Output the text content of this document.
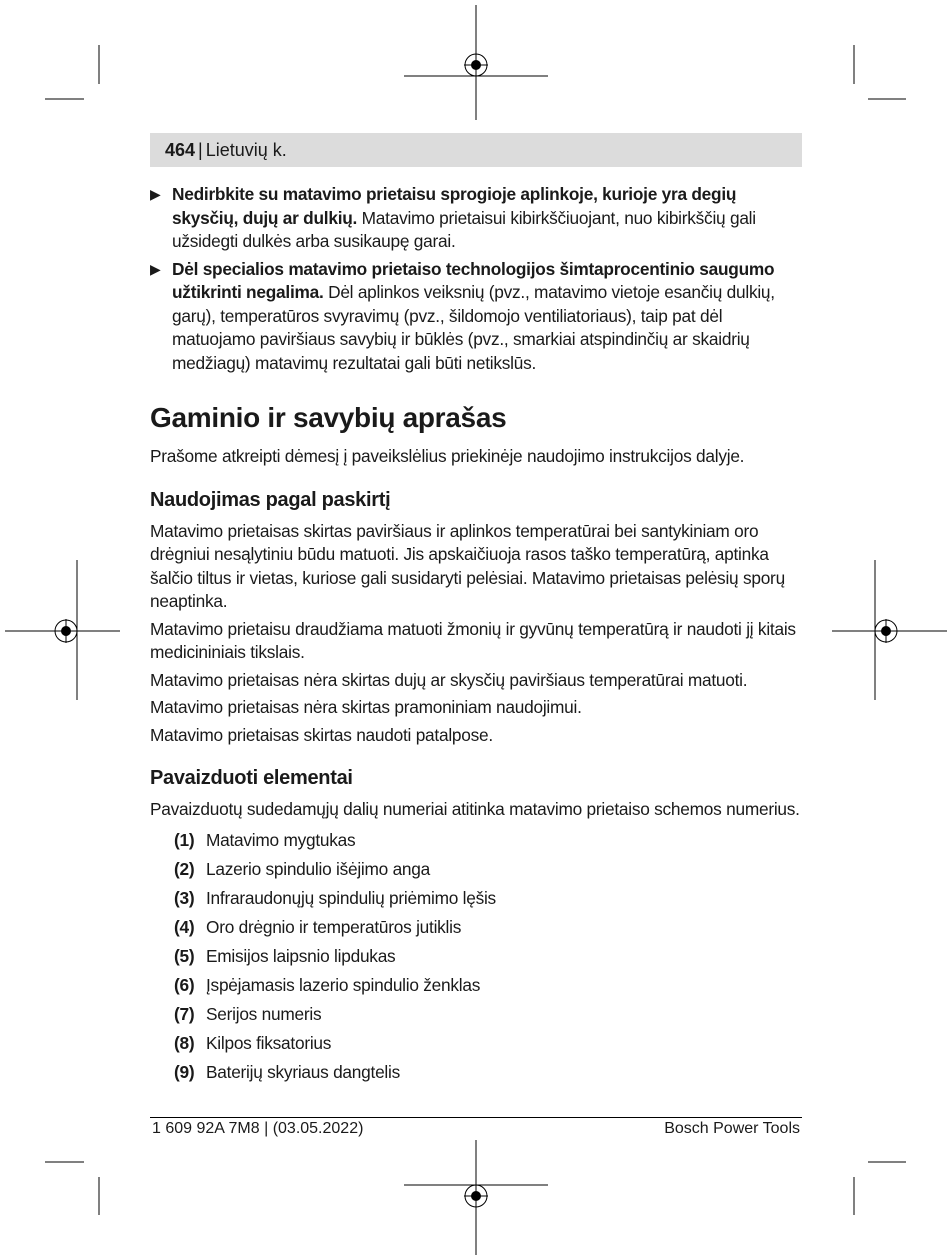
464 | Lietuvių k.
▶ Nedirbkite su matavimo prietaisu sprogioje aplinkoje, kurioje yra degių skysčių, dujų ar dulkių. Matavimo prietaisui kibirkščiuojant, nuo kibirkščių gali užsidegti dulkės arba susikaupę garai.
▶ Dėl specialios matavimo prietaiso technologijos šimtaprocentinio saugumo užtikrinti negalima. Dėl aplinkos veiksnių (pvz., matavimo vietoje esančių dulkių, garų), temperatūros svyravimų (pvz., šildomojo ventiliatoriaus), taip pat dėl matuojamo paviršiaus savybių ir būklės (pvz., smarkiai atspindinčių ar skaidrių medžiagų) matavimų rezultatai gali būti netikslūs.
Gaminio ir savybių aprašas

Prašome atkreipti dėmesį į paveikslėlius priekinėje naudojimo instrukcijos dalyje.

Naudojimas pagal paskirtį

Matavimo prietaisas skirtas paviršiaus ir aplinkos temperatūrai bei santykiniam oro drėgniui nesąlytiniu būdu matuoti. Jis apskaičiuoja rasos taško temperatūrą, aptinka šalčio tiltus ir vietas, kuriose gali susidaryti pelėsiai. Matavimo prietaisas pelėsių sporų neaptinka.

Matavimo prietaisu draudžiama matuoti žmonių ir gyvūnų temperatūrą ir naudoti jį kitais medicininiais tikslais.

Matavimo prietaisas nėra skirtas dujų ar skysčių paviršiaus temperatūrai matuoti.

Matavimo prietaisas nėra skirtas pramoniniam naudojimui.

Matavimo prietaisas skirtas naudoti patalpose.

Pavaizduoti elementai

Pavaizduotų sudedamųjų dalių numeriai atitinka matavimo prietaiso schemos numerius.

(1) Matavimo mygtukas
(2) Lazerio spindulio išėjimo anga
(3) Infraraudonųjų spindulių priėmimo lęšis
(4) Oro drėgnio ir temperatūros jutiklis
(5) Emisijos laipsnio lipdukas
(6) Įspėjamasis lazerio spindulio ženklas
(7) Serijos numeris
(8) Kilpos fiksatorius
(9) Baterijų skyriaus dangtelis
1 609 92A 7M8 | (03.05.2022)	Bosch Power Tools
